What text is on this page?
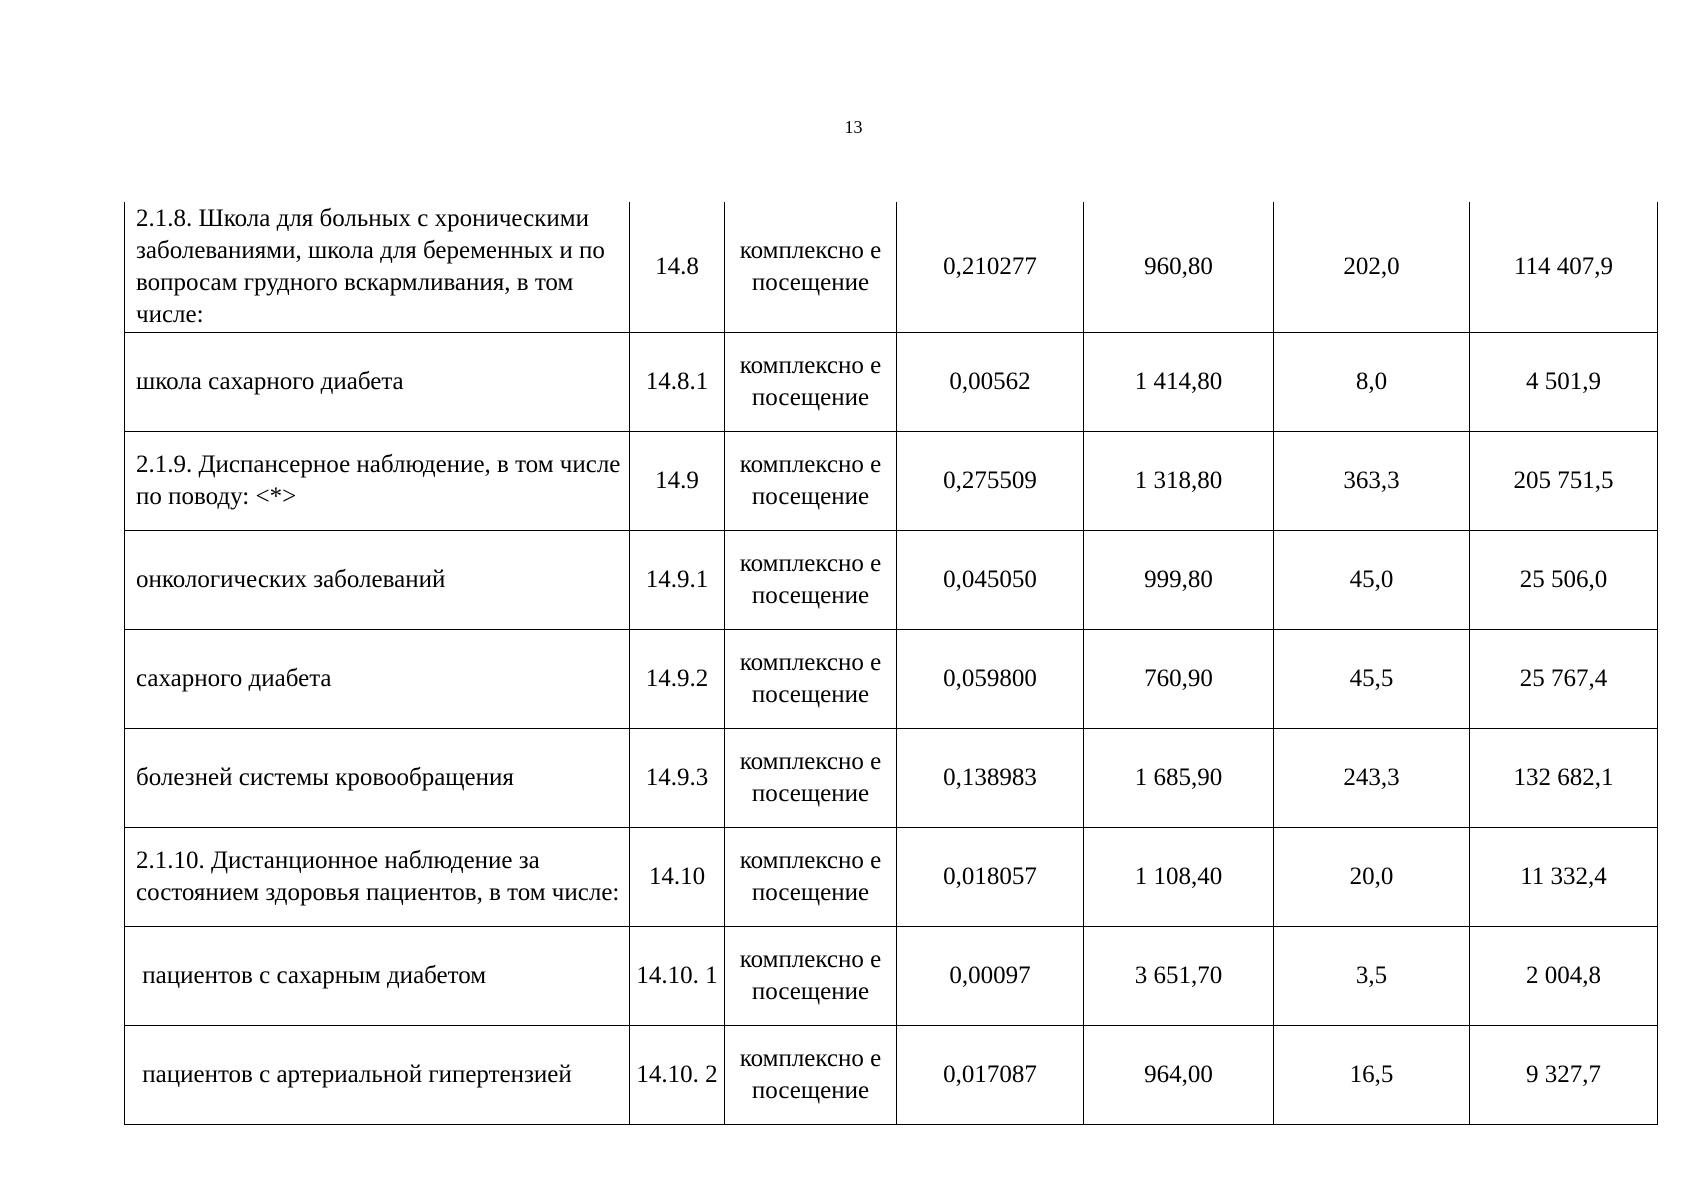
13
2.1.8. Школа для больных с хроническими заболеваниями, школа для беременных и по вопросам грудного вскармливания, в том числе:	14.8	комплексно е посещение	0,210277	960,80	202,0	114 407,9
школа сахарного диабета	14.8.1	комплексно е посещение	0,00562	1 414,80	8,0	4 501,9
2.1.9. Диспансерное наблюдение, в том числе по поводу: <*>	14.9	комплексно е посещение	0,275509	1 318,80	363,3	205 751,5
онкологических заболеваний	14.9.1	комплексно е посещение	0,045050	999,80	45,0	25 506,0
сахарного диабета	14.9.2	комплексно е посещение	0,059800	760,90	45,5	25 767,4
болезней системы кровообращения	14.9.3	комплексно е посещение	0,138983	1 685,90	243,3	132 682,1
2.1.10. Дистанционное наблюдение за состоянием здоровья пациентов, в том числе:	14.10	комплексно е посещение	0,018057	1 108,40	20,0	11 332,4
пациентов с сахарным диабетом	14.10. 1	комплексно е посещение	0,00097	3 651,70	3,5	2 004,8
пациентов с артериальной гипертензией	14.10. 2	комплексно е посещение	0,017087	964,00	16,5	9 327,7
